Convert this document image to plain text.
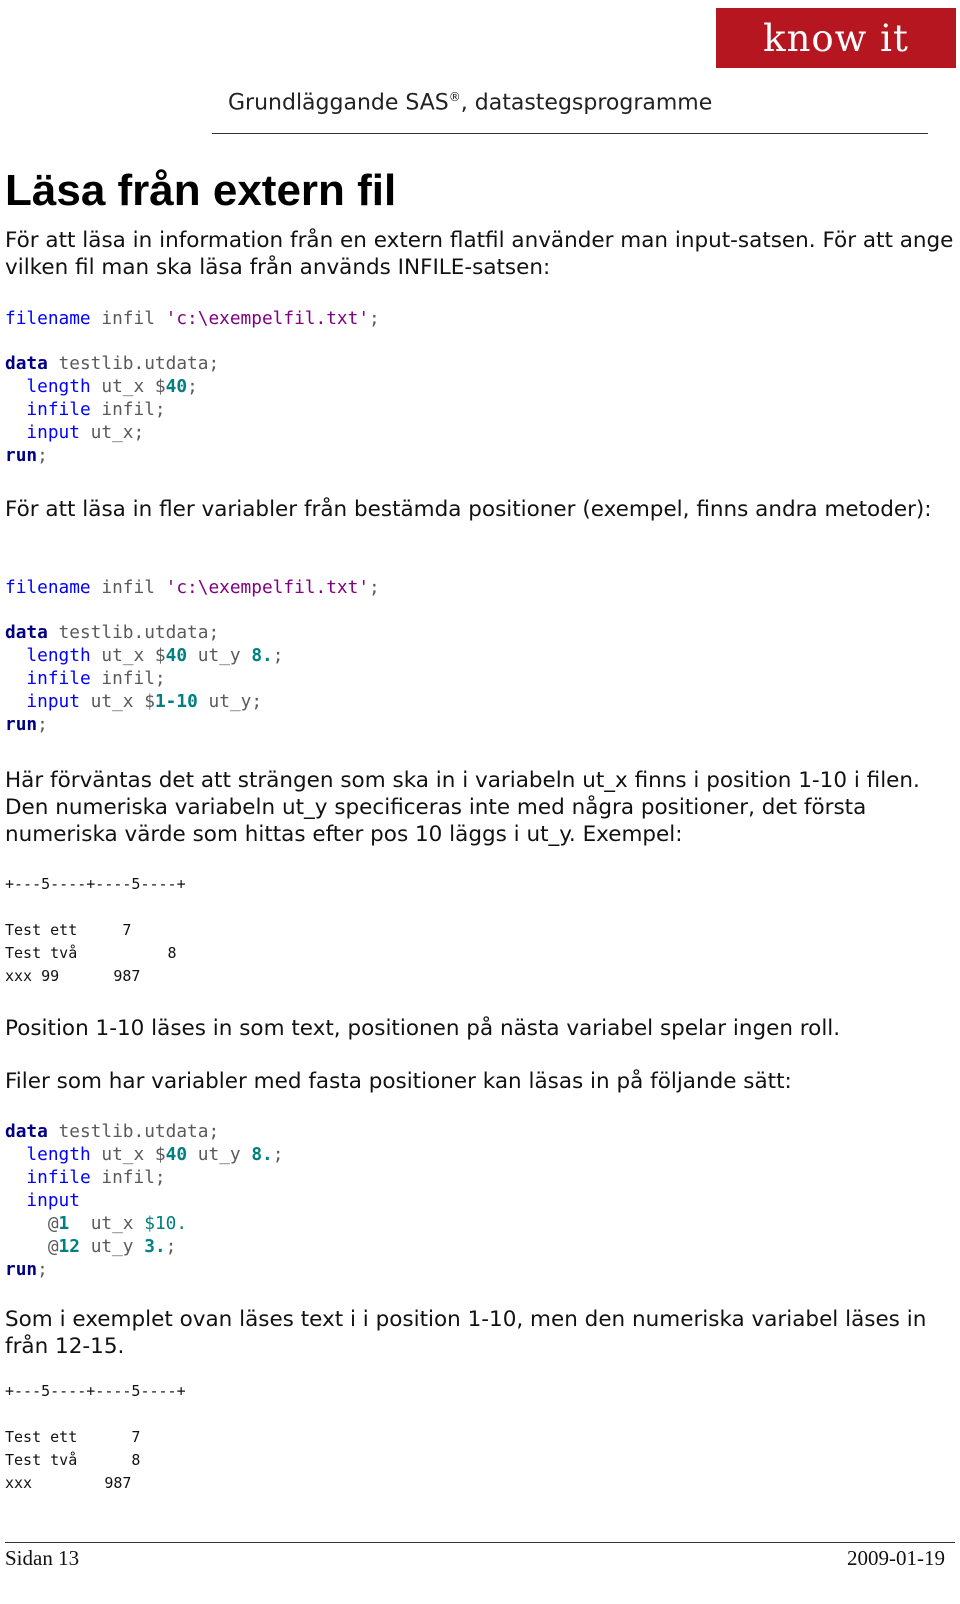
know it
Grundläggande SAS®, datastegsprogramme
Läsa från extern fil
För att läsa in information från en extern flatfil använder man input-satsen. För att ange vilken fil man ska läsa från används INFILE-satsen:
filename infil 'c:\exempelfil.txt';
data testlib.utdata;
length ut_x $40;
infile infil;
input ut_x;
run;
För att läsa in fler variabler från bestämda positioner (exempel, finns andra metoder):
filename infil 'c:\exempelfil.txt';
data testlib.utdata;
length ut_x $40 ut_y 8.;
infile infil;
input ut_x $1-10 ut_y;
run;
Här förväntas det att strängen som ska in i variabeln ut_x finns i position 1-10 i filen. Den numeriska variabeln ut_y specificeras inte med några positioner, det första numeriska värde som hittas efter pos 10 läggs i ut_y. Exempel:
+---5----+----5----+
Test ett     7
Test två          8
xxx 99      987
Position 1-10 läses in som text, positionen på nästa variabel spelar ingen roll.
Filer som har variabler med fasta positioner kan läsas in på följande sätt:
data testlib.utdata;
length ut_x $40 ut_y 8.;
infile infil;
input
@1 ut_x $10.
@12 ut_y 3.;
run;
Som i exemplet ovan läses text i i position 1-10, men den numeriska variabel läses in från 12-15.
+---5----+----5----+
Test ett      7
Test två      8
xxx        987
Sidan 13	2009-01-19
